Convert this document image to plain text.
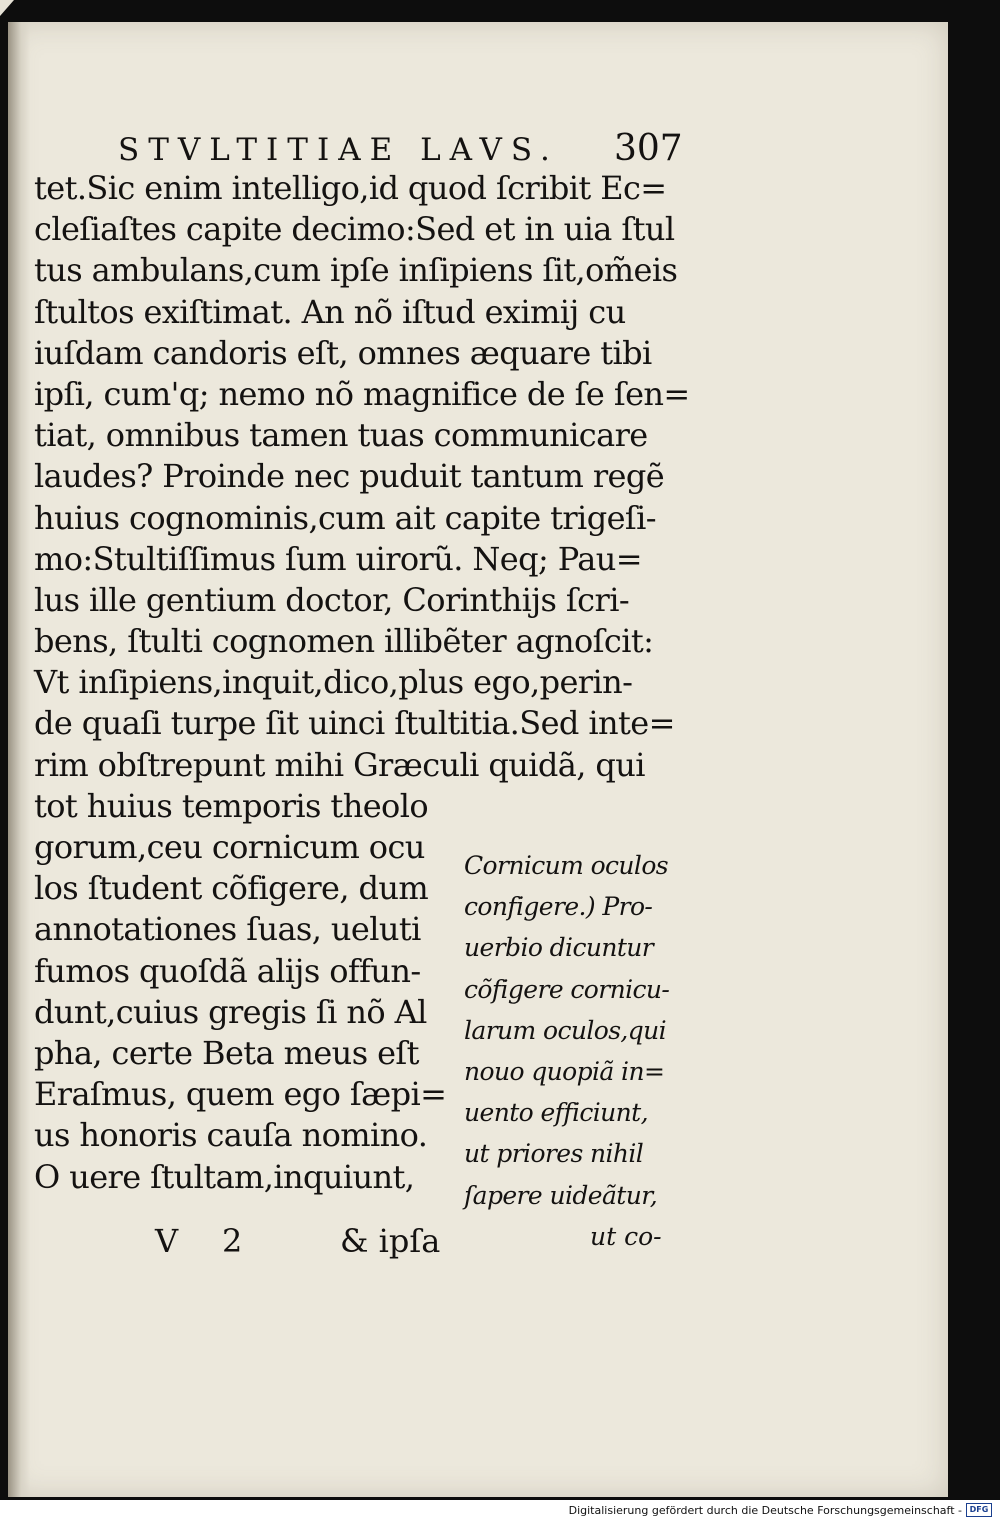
STVLTITIAE LAVS. 307
tet.Sic enim intelligo,id quod ſcribit Ec=
cleſiaſtes capite decimo:Sed et in uia ſtul
tus ambulans,cum ipſe inſipiens ſit,om̃eis
ſtultos exiſtimat. An nõ iſtud eximij cu
iuſdam candoris eſt, omnes æquare tibi
ipſi, cum'q; nemo nõ magnifice de ſe ſen=
tiat, omnibus tamen tuas communicare
laudes? Proinde nec puduit tantum regẽ
huius cognominis,cum ait capite trigeſi-
mo:Stultiſſimus ſum uirorũ. Neq; Pau=
lus ille gentium doctor, Corinthijs ſcri-
bens, ſtulti cognomen illibẽter agnoſcit:
Vt inſipiens,inquit,dico,plus ego,perin-
de quaſi turpe ſit uinci ſtultitia.Sed inte=
rim obſtrepunt mihi Græculi quidã, qui
tot huius temporis theolo
gorum,ceu cornicum ocu
los ſtudent cõfigere, dum
annotationes ſuas, ueluti
fumos quoſdã alijs offun-
dunt,cuius gregis ſi nõ Al
pha, certe Beta meus eſt
Eraſmus, quem ego ſæpi=
us honoris cauſa nomino.
O uere ſtultam,inquiunt,
Cornicum oculos
configere.) Pro-
uerbio dicuntur
cõfigere cornicu-
larum oculos,qui
nouo quopiã in=
uento efficiunt,
ut priores nihil
ſapere uideãtur,
V 2	& ipſa	ut co-
Digitalisierung gefördert durch die Deutsche Forschungsgemeinschaft - DFG
